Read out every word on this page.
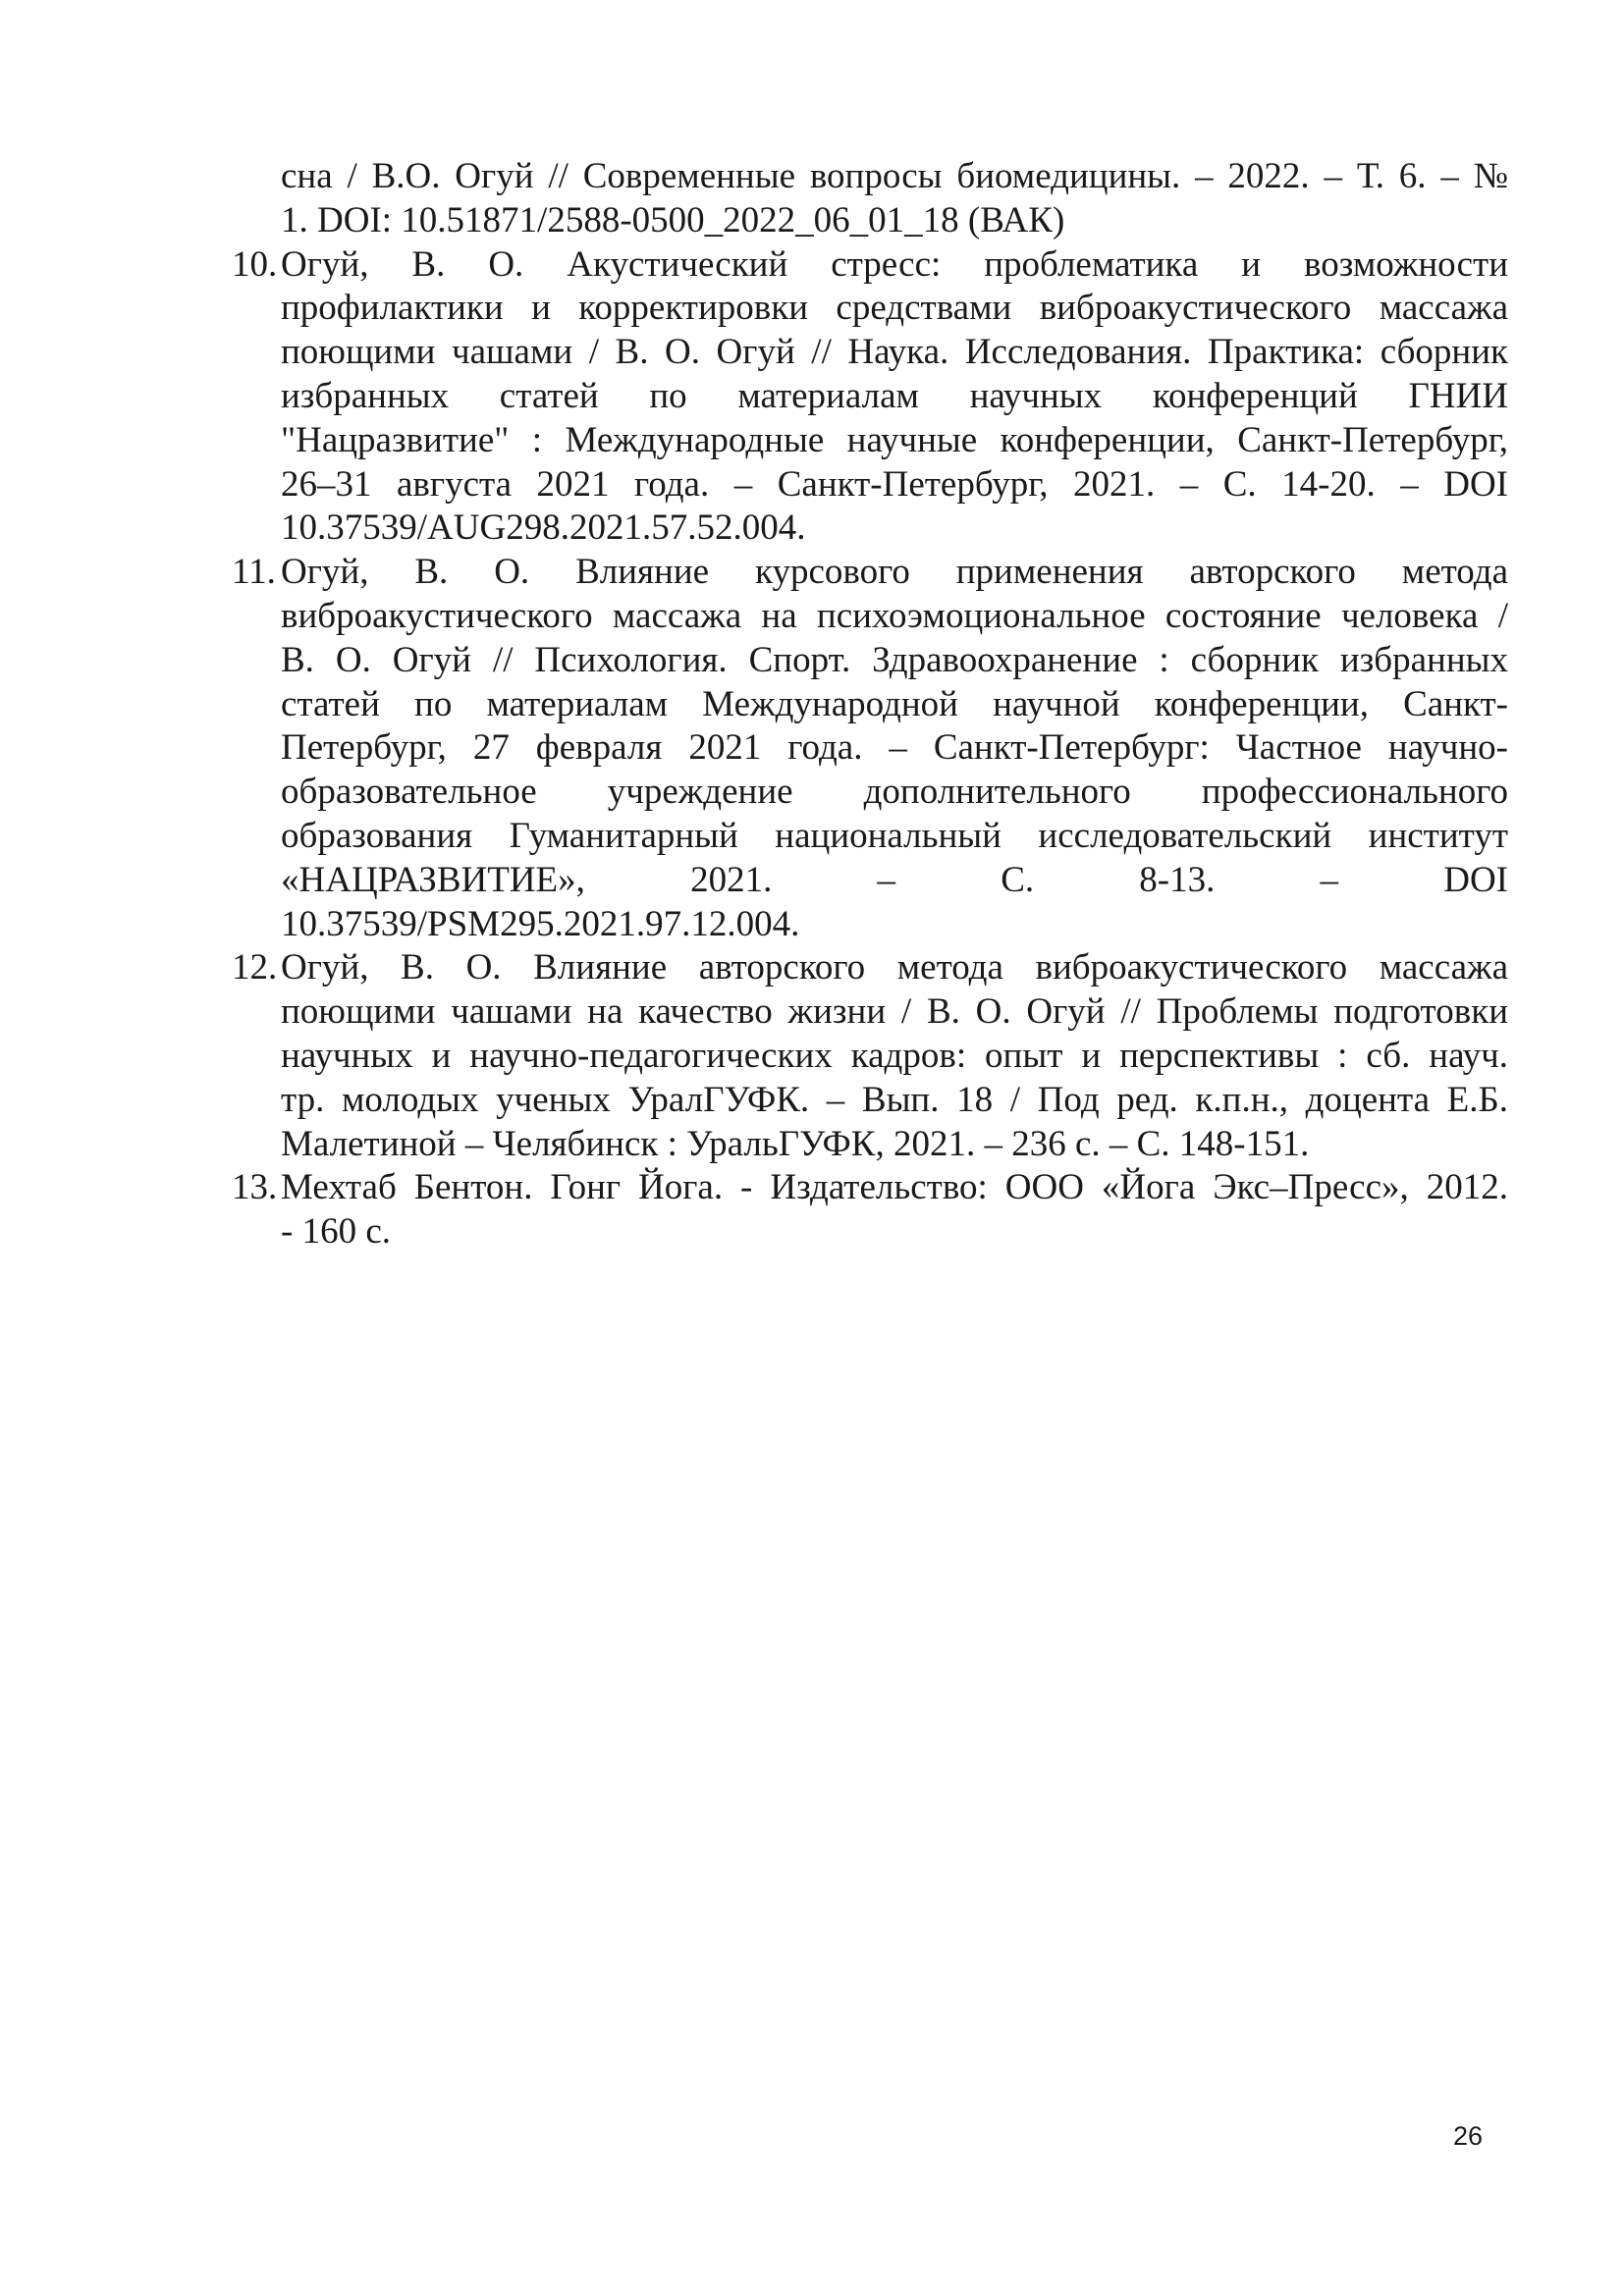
сна / В.О. Огуй // Современные вопросы биомедицины. – 2022. – Т. 6. – №
1. DOI: 10.51871/2588-0500_2022_06_01_18 (ВАК)
10. Огуй, В. О. Акустический стресс: проблематика и возможности
профилактики и корректировки средствами виброакустического массажа
поющими чашами / В. О. Огуй // Наука. Исследования. Практика: сборник
избранных статей по материалам научных конференций ГНИИ
"Нацразвитие" : Международные научные конференции, Санкт-Петербург,
26–31 августа 2021 года. – Санкт-Петербург, 2021. – С. 14-20. – DOI
10.37539/AUG298.2021.57.52.004.
11. Огуй, В. О. Влияние курсового применения авторского метода
виброакустического массажа на психоэмоциональное состояние человека /
В. О. Огуй // Психология. Спорт. Здравоохранение : сборник избранных
статей по материалам Международной научной конференции, Санкт-
Петербург, 27 февраля 2021 года. – Санкт-Петербург: Частное научно-
образовательное учреждение дополнительного профессионального
образования Гуманитарный национальный исследовательский институт
«НАЦРАЗВИТИЕ», 2021. – С. 8-13. – DOI
10.37539/PSM295.2021.97.12.004.
12. Огуй, В. О. Влияние авторского метода виброакустического массажа
поющими чашами на качество жизни / В. О. Огуй // Проблемы подготовки
научных и научно-педагогических кадров: опыт и перспективы : сб. науч.
тр. молодых ученых УралГУФК. – Вып. 18 / Под ред. к.п.н., доцента Е.Б.
Малетиной – Челябинск : УральГУФК, 2021. – 236 с. – С. 148-151.
13. Мехтаб Бентон. Гонг Йога. - Издательство: ООО «Йога Экс–Пресс», 2012.
- 160 с.
26
